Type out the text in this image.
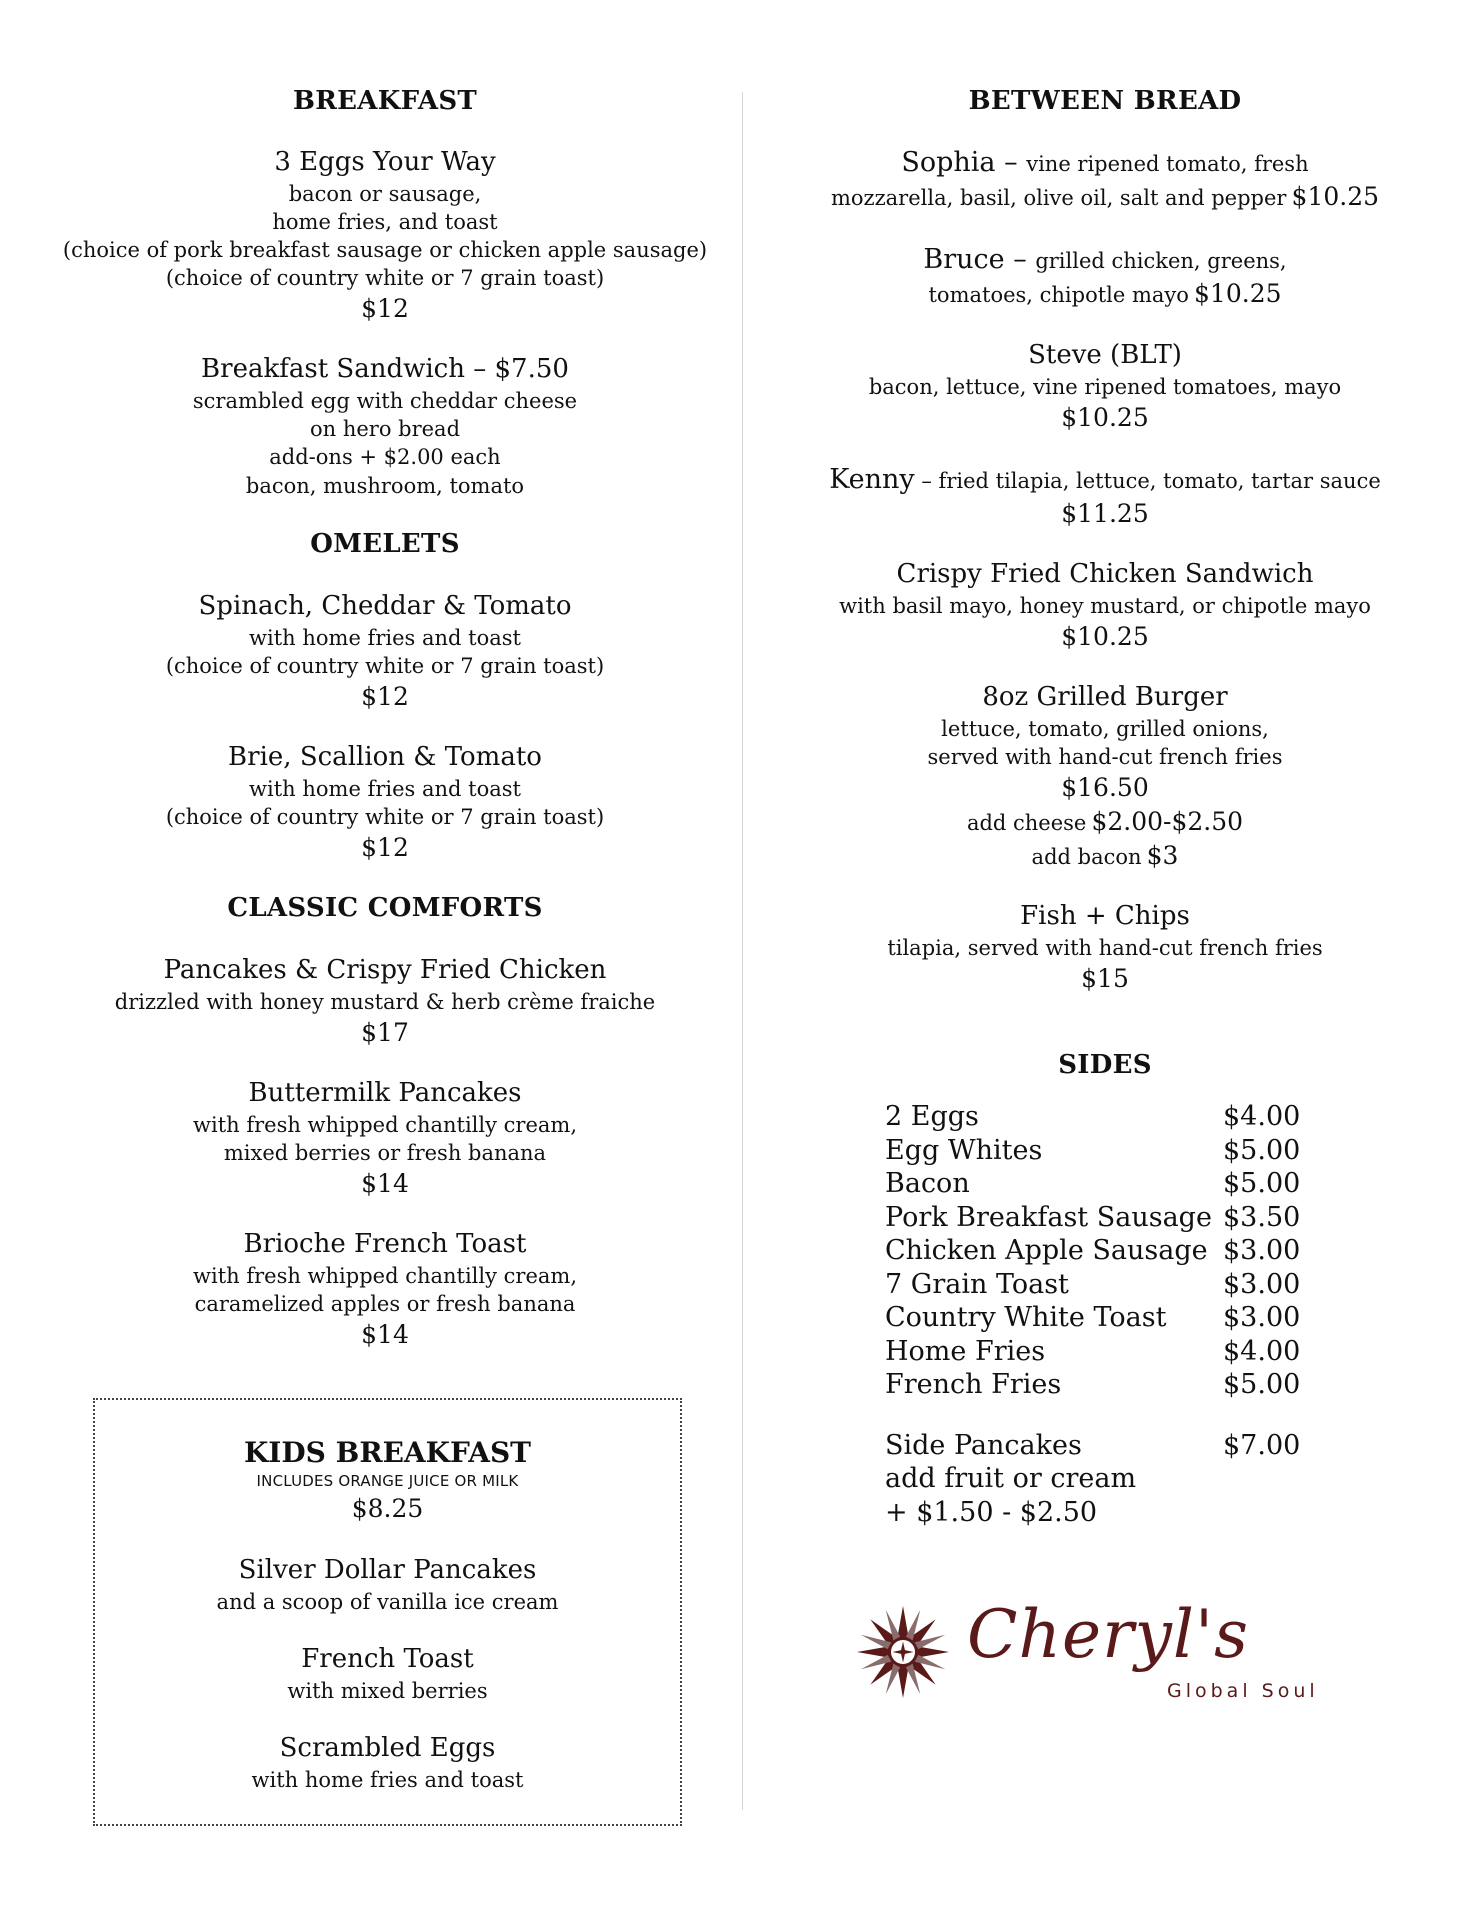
BREAKFAST
3 Eggs Your Way
bacon or sausage,
home fries, and toast
(choice of pork breakfast sausage or chicken apple sausage)
(choice of country white or 7 grain toast)
$12
Breakfast Sandwich – $7.50
scrambled egg with cheddar cheese
on hero bread
add-ons + $2.00 each
bacon, mushroom, tomato
OMELETS
Spinach, Cheddar & Tomato
with home fries and toast
(choice of country white or 7 grain toast)
$12
Brie, Scallion & Tomato
with home fries and toast
(choice of country white or 7 grain toast)
$12
CLASSIC COMFORTS
Pancakes & Crispy Fried Chicken
drizzled with honey mustard & herb crème fraiche
$17
Buttermilk Pancakes
with fresh whipped chantilly cream,
mixed berries or fresh banana
$14
Brioche French Toast
with fresh whipped chantilly cream,
caramelized apples or fresh banana
$14
KIDS BREAKFAST
INCLUDES ORANGE JUICE OR MILK
$8.25
Silver Dollar Pancakes
and a scoop of vanilla ice cream
French Toast
with mixed berries
Scrambled Eggs
with home fries and toast
BETWEEN BREAD
Sophia – vine ripened tomato, fresh
mozzarella, basil, olive oil, salt and pepper $10.25
Bruce – grilled chicken, greens,
tomatoes, chipotle mayo $10.25
Steve (BLT)
bacon, lettuce, vine ripened tomatoes, mayo
$10.25
Kenny – fried tilapia, lettuce, tomato, tartar sauce
$11.25
Crispy Fried Chicken Sandwich
with basil mayo, honey mustard, or chipotle mayo
$10.25
8oz Grilled Burger
lettuce, tomato, grilled onions,
served with hand-cut french fries
$16.50
add cheese $2.00-$2.50
add bacon $3
Fish + Chips
tilapia, served with hand-cut french fries
$15
SIDES
2 Eggs	$4.00
Egg Whites	$5.00
Bacon	$5.00
Pork Breakfast Sausage $3.50
Chicken Apple Sausage $3.00
7 Grain Toast	$3.00
Country White Toast $3.00
Home Fries	$4.00
French Fries	$5.00
Side Pancakes	$7.00
add fruit or cream
+ $1.50 - $2.50
Cheryl's
Global Soul
